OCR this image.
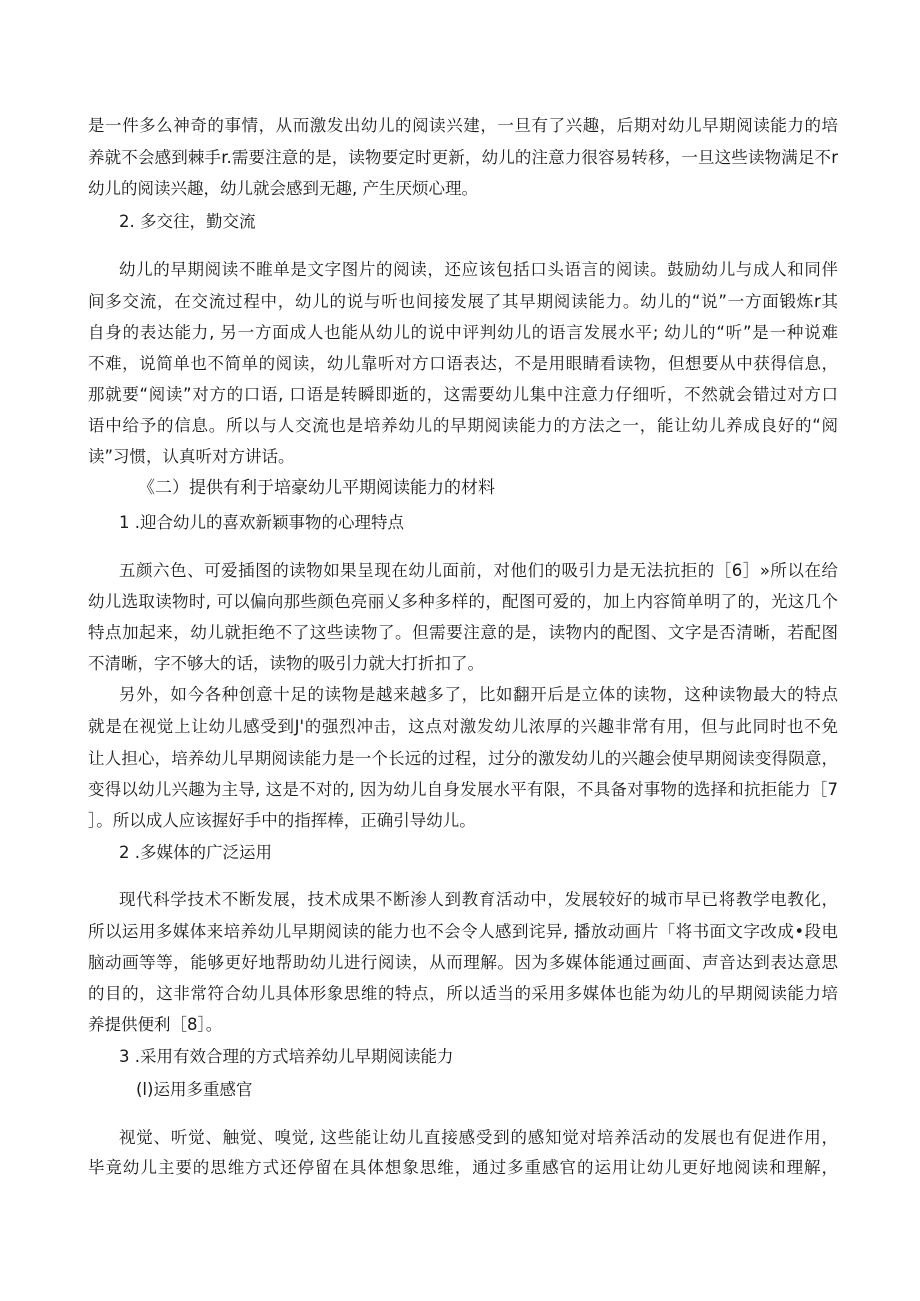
是一件多么神奇的事情，从而激发出幼儿的阅读兴建，一旦有了兴趣，后期对幼儿早期阅读能力的培
养就不会感到棘手r.需要注意的是，读物要定时更新，幼儿的注意力很容易转移，一旦这些读物满足不r
幼儿的阅读兴趣，幼儿就会感到无趣, 产生厌烦心理。
2. 多交往，勤交流
幼儿的早期阅读不睢单是文字图片的阅读，还应该包括口头语言的阅读。鼓励幼儿与成人和同伴
间多交流，在交流过程中，幼儿的说与听也间接发展了其早期阅读能力。幼儿的“说”一方面锻炼r其
自身的表达能力, 另一方面成人也能从幼儿的说中评判幼儿的语言发展水平; 幼儿的“听”是一种说难
不难，说简单也不简单的阅读，幼儿靠听对方口语表达，不是用眼睛看读物，但想要从中获得信息，
那就要“阅读”对方的口语, 口语是转瞬即逝的，这需要幼儿集中注意力仔细听，不然就会错过对方口
语中给予的信息。所以与人交流也是培养幼儿的早期阅读能力的方法之一，能让幼儿养成良好的“阅
读”习惯，认真听对方讲话。
《二）提供有利于培豪幼儿平期阅读能力的材料
1 .迎合幼儿的喜欢新颖事物的心理特点
五颜六色、可爱插图的读物如果呈现在幼儿面前，对他们的吸引力是无法抗拒的［6］»所以在给
幼儿选取读物时, 可以偏向那些颜色亮丽乂多种多样的，配图可爱的，加上内容简单明了的，光这几个
特点加起来，幼儿就拒绝不了这些读物了。但需要注意的是，读物内的配图、文字是否清晰，若配图
不清晰，字不够大的话，读物的吸引力就大打折扣了。
另外，如今各种创意十足的读物是越来越多了，比如翻开后是立体的读物，这种读物最大的特点
就是在视觉上让幼儿感受到J'的强烈冲击，这点对激发幼儿浓厚的兴趣非常有用，但与此同时也不免
让人担心，培养幼儿早期阅读能力是一个长远的过程，过分的激发幼儿的兴趣会使早期阅读变得陨意，
变得以幼儿兴趣为主导, 这是不对的, 因为幼儿自身发展水平有限，不具备对事物的选择和抗拒能力［7
］。所以成人应该握好手中的指挥棒，正确引导幼儿。
2 .多媒体的广泛运用
现代科学技术不断发展，技术成果不断渗人到教育活动中，发展较好的城市早已将教学电教化，
所以运用多媒体来培养幼儿早期阅读的能力也不会令人感到诧异, 播放动画片「将书面文字改成•段电
脑动画等等，能够更好地帮助幼儿进行阅读，从而理解。因为多媒体能通过画面、声音达到表达意思
的目的，这非常符合幼儿具体形象思维的特点，所以适当的采用多媒体也能为幼儿的早期阅读能力培
养提供便利［8］。
3 .采用有效合理的方式培养幼儿早期阅读能力
(l)运用多重感官
视觉、听觉、触觉、嗅觉, 这些能让幼儿直接感受到的感知觉对培养活动的发展也有促进作用，
毕竟幼儿主要的思维方式还停留在具体想象思维，通过多重感官的运用让幼儿更好地阅读和理解，
